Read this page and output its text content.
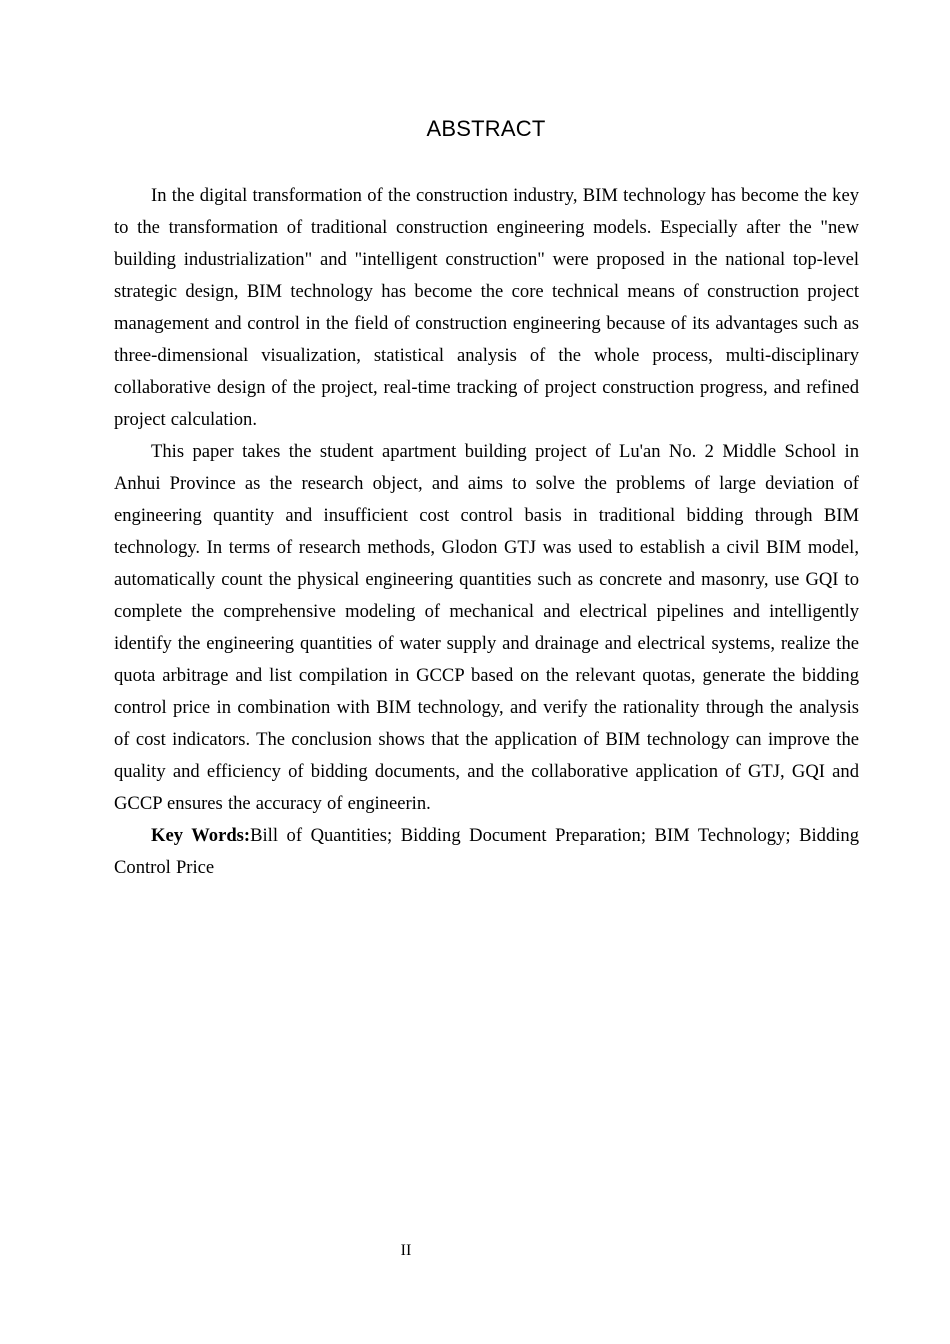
ABSTRACT

In the digital transformation of the construction industry, BIM technology has become the key to the transformation of traditional construction engineering models. Especially after the "new building industrialization" and "intelligent construction" were proposed in the national top-level strategic design, BIM technology has become the core technical means of construction project management and control in the field of construction engineering because of its advantages such as three-dimensional visualization, statistical analysis of the whole process, multi-disciplinary collaborative design of the project, real-time tracking of project construction progress, and refined project calculation.

This paper takes the student apartment building project of Lu'an No. 2 Middle School in Anhui Province as the research object, and aims to solve the problems of large deviation of engineering quantity and insufficient cost control basis in traditional bidding through BIM technology. In terms of research methods, Glodon GTJ was used to establish a civil BIM model, automatically count the physical engineering quantities such as concrete and masonry, use GQI to complete the comprehensive modeling of mechanical and electrical pipelines and intelligently identify the engineering quantities of water supply and drainage and electrical systems, realize the quota arbitrage and list compilation in GCCP based on the relevant quotas, generate the bidding control price in combination with BIM technology, and verify the rationality through the analysis of cost indicators. The conclusion shows that the application of BIM technology can improve the quality and efficiency of bidding documents, and the collaborative application of GTJ, GQI and GCCP ensures the accuracy of engineerin.

Key Words:Bill of Quantities; Bidding Document Preparation; BIM Technology; Bidding Control Price

II
